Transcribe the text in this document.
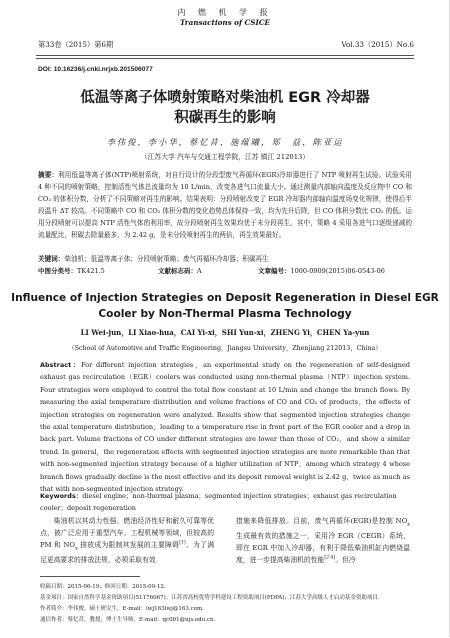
第33卷（2015）第6期
内 燃 机 学 报
Transactions of CSICE
Vol.33（2015）No.6
DOI: 10.16236/j.cnki.nrjxb.201506077
低温等离子体喷射策略对柴油机 EGR 冷却器
积碳再生的影响
李伟俊，李小华，蔡忆昔，施蕴曦，郑　益，陈亚运
（江苏大学 汽车与交通工程学院，江苏 镇江 212013）
摘要：利用低温等离子体(NTP)喷射系统，对自行设计的分段型废气再循环(EGR)冷却器进行了 NTP 喷射再生试验。试验采用 4 种不同的喷射策略，控制活性气体总流量均为 10 L/min，改变各进气口流量大小。通过测量内部轴向温度及反应物中 CO 和 CO₂ 的体积分数，分析了不同策略对再生的影响。结果表明：分段喷射改变了 EGR 冷却器内部轴向温度场变化规律，使得后半段温升 ΔT 较高。不同策略中 CO 和 CO₂ 体积分数的变化趋势总体保持一致，均为先升后降，但 CO 体积分数比 CO₂ 的低。运用分段喷射可以提高 NTP 活性气体的利用率，故分段喷射再生效果均优于未分段再生。其中，策略 4 采用各进气口逐级递减的流量配比，积碳去除量最多，为 2.42 g，是未分段喷射再生的两倍，再生效果最好。
关键词：柴油机；低温等离子体；分段喷射策略；废气再循环冷却器；积碳再生
中图分类号：TK421.5	文献标志码：A	文章编号：1000-0909(2015)06-0543-06
Influence of Injection Strategies on Deposit Regeneration in Diesel EGR
Cooler by Non-Thermal Plasma Technology
LI Wei-jun，LI Xiao-hua，CAI Yi-xi，SHI Yun-xi，ZHENG Yi，CHEN Ya-yun
（School of Automotive and Traffic Engineering，Jiangsu University，Zhenjiang 212013，China）
Abstract：For different injection strategies，an experimental study on the regeneration of self-designed exhaust gas recirculation（EGR）coolers was conducted using non-thermal plasma（NTP）injection system. Four strategies were employed to control the total flow constant at 10 L/min and change the branch flows. By measuring the axial temperature distribution and volume fractions of CO and CO₂ of products，the effects of injection strategies on regeneration were analyzed. Results show that segmented injection strategies change the axial temperature distribution，leading to a temperature rise in front part of the EGR cooler and a drop in back part. Volume fractions of CO under different strategies are lower than those of CO₂，and show a similar trend. In general，the regeneration effects with segmented injection strategies are more remarkable than that with non-segmented injection strategy because of a higher utilization of NTP，among which strategy 4 whose branch flows gradually decline is the most effective and its deposit removal weight is 2.42 g，twice as much as that with non-segmented injection strategy.
Keywords：diesel engine；non-thermal plasma；segmented injection strategies；exhaust gas recirculation cooler；deposit regeneration
  柴油机以其动力性强、燃油经济性好和耐久可靠等优点，被广泛应用于重型汽车、工程机械等领域，但较高的 PM 和 $NO_x$ 排放成为限制其发展的主要障碍[1]。为了满足更高要求的排放法规，必须采取有效
措施来降低排放。目前，废气再循环(EGR)是控制 $NO_x$ 生成最有效的措施之一，采用冷 EGR（CEGR）系统，即在 EGR 中加入冷却器，有利于降低柴油机缸内燃烧温度，进一步提高柴油机的性能[2-4]。但冷
收稿日期：2015-06-19；修回日期：2015-09-12.
基金项目：国家自然科学基金资助项目(51176067)；江苏省高校优势学科建设工程资助项目(PDPA)；江苏大学高级人才启动基金资助项目.
作者简介：李伟俊，硕士研究生，E-mail：lwj163lwj@163.com.
通信作者：蔡忆昔，教授，博士生导师，E-mail：qc001@ujs.edu.cn.
